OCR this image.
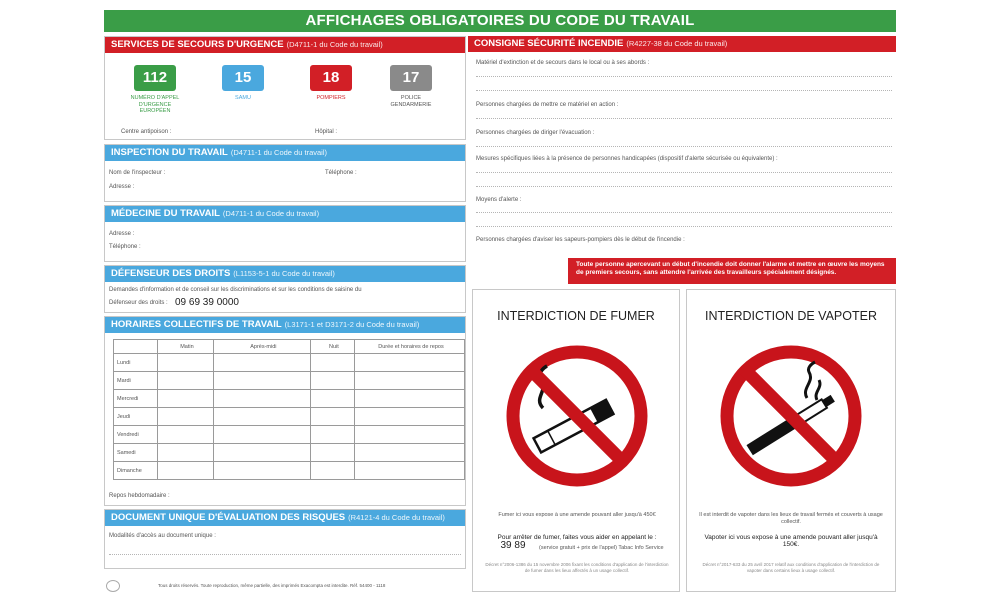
AFFICHAGES OBLIGATOIRES DU CODE DU TRAVAIL
SERVICES DE SECOURS D'URGENCE (D4711-1 du Code du travail)
112
NUMÉRO D'APPEL D'URGENCE EUROPÉEN
15
SAMU
18
POMPIERS
17
POLICE GENDARMERIE
Centre antipoison :	Hôpital :
INSPECTION DU TRAVAIL (D4711-1 du Code du travail)
Nom de l'inspecteur :	Téléphone :
Adresse :
MÉDECINE DU TRAVAIL (D4711-1 du Code du travail)
Adresse :
Téléphone :
DÉFENSEUR DES DROITS (L1153-5-1 du Code du travail)
Demandes d'information et de conseil sur les discriminations et sur les conditions de saisine du
Défenseur des droits : 09 69 39 0000
HORAIRES COLLECTIFS DE TRAVAIL (L3171-1 et D3171-2 du Code du travail)
	Matin	Après-midi	Nuit	Durée et horaires de repos
Lundi				
Mardi				
Mercredi				
Jeudi				
Vendredi				
Samedi				
Dimanche				
Repos hebdomadaire :
DOCUMENT UNIQUE D'ÉVALUATION DES RISQUES (R4121-4 du Code du travail)
Modalités d'accès au document unique :
Tous droits réservés. Toute reproduction, même partielle, des imprimés Exacompta est interdite. Réf. 54400 - 1118
CONSIGNE SÉCURITÉ INCENDIE (R4227-38 du Code du travail)
Matériel d'extinction et de secours dans le local ou à ses abords :
Personnes chargées de mettre ce matériel en action :
Personnes chargées de diriger l'évacuation :
Mesures spécifiques liées à la présence de personnes handicapées (dispositif d'alerte sécurisée ou équivalente) :
Moyens d'alerte :
Personnes chargées d'aviser les sapeurs-pompiers dès le début de l'incendie :
Toute personne apercevant un début d'incendie doit donner l'alarme et mettre en œuvre les moyens de premiers secours, sans attendre l'arrivée des travailleurs spécialement désignés.
INTERDICTION DE FUMER
Fumer ici vous expose à une amende pouvant aller jusqu'à 450€
Pour arrêter de fumer, faites vous aider en appelant le :
39 89	(service gratuit + prix de l'appel) Tabac Info Service
Décret n°2006-1386 du 15 novembre 2006 fixant les conditions d'application de l'interdiction de fumer dans les lieux affectés à un usage collectif.
INTERDICTION DE VAPOTER
Il est interdit de vapoter dans les lieux de travail fermés et couverts à usage collectif.
Vapoter ici vous expose à une amende pouvant aller jusqu'à 150€.
Décret n°2017-633 du 25 avril 2017 relatif aux conditions d'application de l'interdiction de vapoter dans certains lieux à usage collectif.
